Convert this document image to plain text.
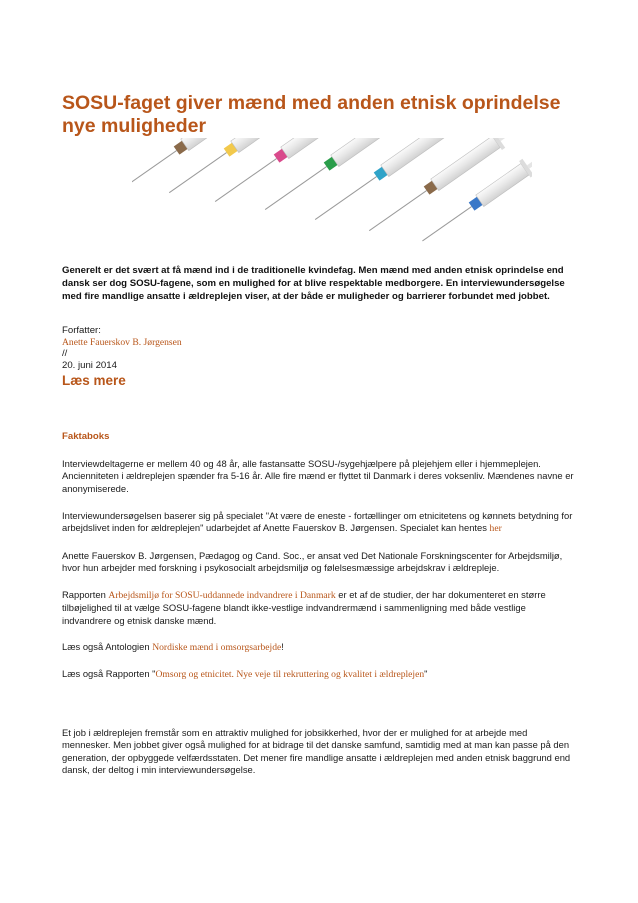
SOSU-faget giver mænd med anden etnisk oprindelse nye muligheder

Generelt er det svært at få mænd ind i de traditionelle kvindefag. Men mænd med anden etnisk oprindelse end dansk ser dog SOSU-fagene, som en mulighed for at blive respektable medborgere. En interviewundersøgelse med fire mandlige ansatte i ældreplejen viser, at der både er muligheder og barrierer forbundet med jobbet.

Forfatter:
Anette Fauerskov B. Jørgensen
//
20. juni 2014
Læs mere
Faktaboks

Interviewdeltagerne er mellem 40 og 48 år, alle fastansatte SOSU-/sygehjælpere på plejehjem eller i hjemmeplejen. Ancienniteten i ældreplejen spænder fra 5-16 år. Alle fire mænd er flyttet til Danmark i deres voksenliv. Mændenes navne er anonymiserede.

Interviewundersøgelsen baserer sig på specialet "At være de eneste - fortællinger om etnicitetens og kønnets betydning for arbejdslivet inden for ældreplejen" udarbejdet af Anette Fauerskov B. Jørgensen. Specialet kan hentes her

Anette Fauerskov B. Jørgensen, Pædagog og Cand. Soc., er ansat ved Det Nationale Forskningscenter for Arbejdsmiljø, hvor hun arbejder med forskning i psykosocialt arbejdsmiljø og følelsesmæssige arbejdskrav i ældrepleje.

Rapporten Arbejdsmiljø for SOSU-uddannede indvandrere i Danmark er et af de studier, der har dokumenteret en større tilbøjelighed til at vælge SOSU-fagene blandt ikke-vestlige indvandrermænd i sammenligning med både vestlige indvandrere og etnisk danske mænd.

Læs også Antologien Nordiske mænd i omsorgsarbejde!

Læs også Rapporten "Omsorg og etnicitet. Nye veje til rekruttering og kvalitet i ældreplejen"

Et job i ældreplejen fremstår som en attraktiv mulighed for jobsikkerhed, hvor der er mulighed for at arbejde med mennesker. Men jobbet giver også mulighed for at bidrage til det danske samfund, samtidig med at man kan passe på den generation, der opbyggede velfærdsstaten. Det mener fire mandlige ansatte i ældreplejen med anden etnisk baggrund end dansk, der deltog i min interviewundersøgelse.
